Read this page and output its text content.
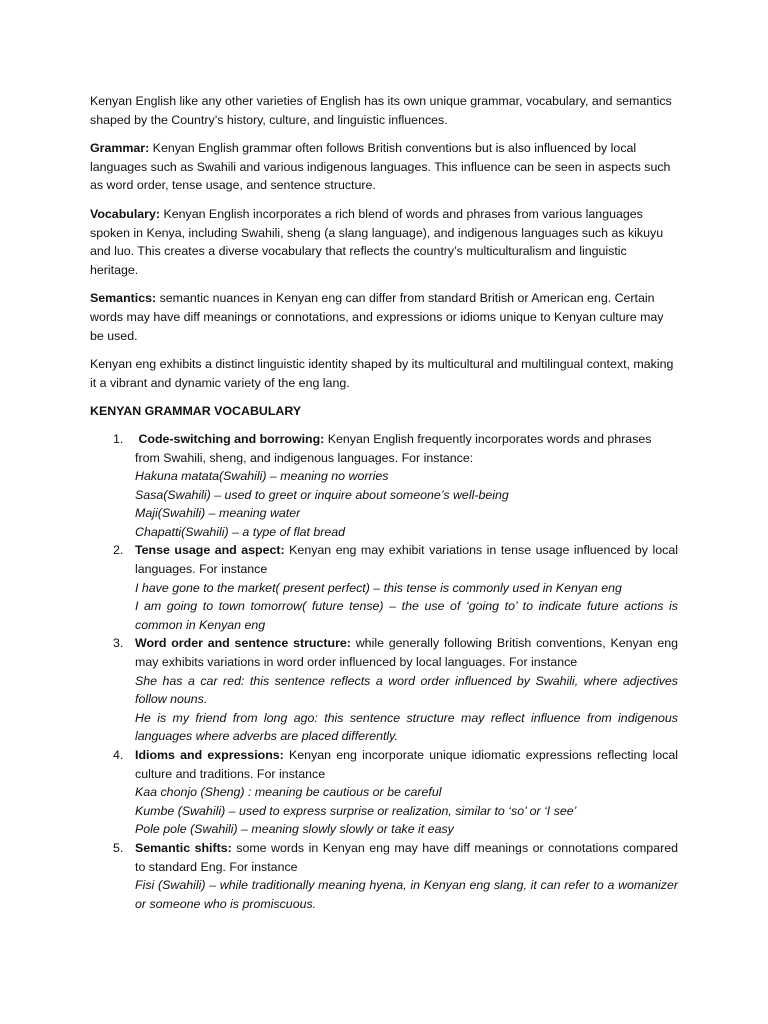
Kenyan English like any other varieties of English has its own unique grammar, vocabulary, and semantics shaped by the Country’s history, culture, and linguistic influences.

Grammar: Kenyan English grammar often follows British conventions but is also influenced by local languages such as Swahili and various indigenous languages. This influence can be seen in aspects such as word order, tense usage, and sentence structure.

Vocabulary: Kenyan English incorporates a rich blend of words and phrases from various languages spoken in Kenya, including Swahili, sheng (a slang language), and indigenous languages such as kikuyu and luo. This creates a diverse vocabulary that reflects the country’s multiculturalism and linguistic heritage.

Semantics: semantic nuances in Kenyan eng can differ from standard British or American eng. Certain words may have diff meanings or connotations, and expressions or idioms unique to Kenyan culture may be used.

Kenyan eng exhibits a distinct linguistic identity shaped by its multicultural and multilingual context, making it a vibrant and dynamic variety of the eng lang.

KENYAN GRAMMAR VOCABULARY

1. Code-switching and borrowing: Kenyan English frequently incorporates words and phrases from Swahili, sheng, and indigenous languages. For instance:
Hakuna matata(Swahili) – meaning no worries
Sasa(Swahili) – used to greet or inquire about someone’s well-being
Maji(Swahili) – meaning water
Chapatti(Swahili) – a type of flat bread
2. Tense usage and aspect: Kenyan eng may exhibit variations in tense usage influenced by local languages. For instance
I have gone to the market( present perfect) – this tense is commonly used in Kenyan eng
I am going to town tomorrow( future tense) – the use of ‘going to’ to indicate future actions is common in Kenyan eng
3. Word order and sentence structure: while generally following British conventions, Kenyan eng may exhibits variations in word order influenced by local languages. For instance
She has a car red: this sentence reflects a word order influenced by Swahili, where adjectives follow nouns.
He is my friend from long ago: this sentence structure may reflect influence from indigenous languages where adverbs are placed differently.
4. Idioms and expressions: Kenyan eng incorporate unique idiomatic expressions reflecting local culture and traditions. For instance
Kaa chonjo (Sheng) : meaning be cautious or be careful
Kumbe (Swahili) – used to express surprise or realization, similar to ‘so’ or ‘I see’
Pole pole (Swahili) – meaning slowly slowly or take it easy
5. Semantic shifts: some words in Kenyan eng may have diff meanings or connotations compared to standard Eng. For instance
Fisi (Swahili) – while traditionally meaning hyena, in Kenyan eng slang, it can refer to a womanizer or someone who is promiscuous.
